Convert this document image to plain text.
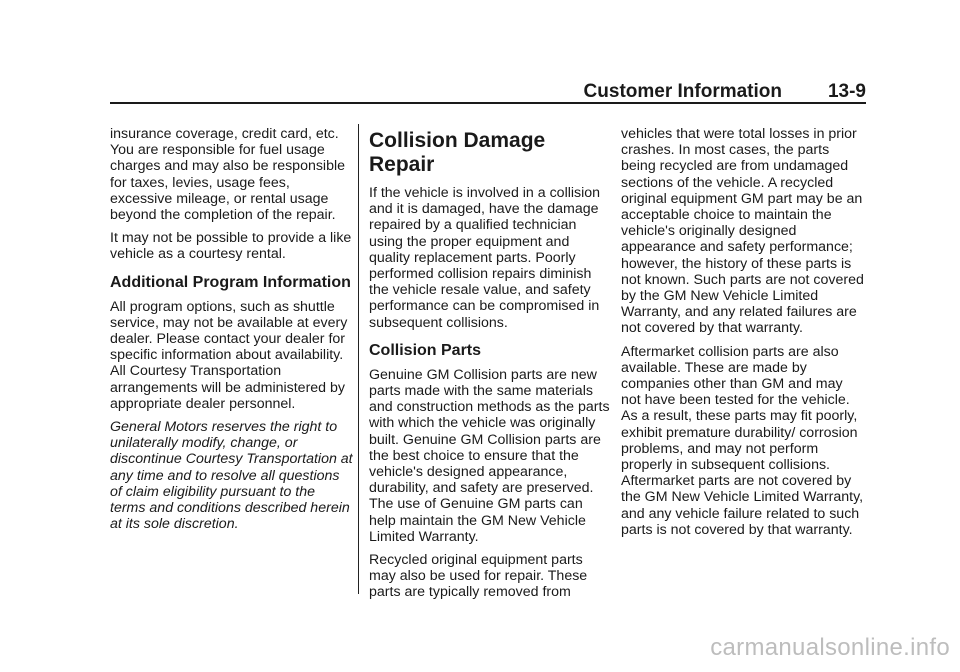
Customer Information 13-9

insurance coverage, credit card, etc. You are responsible for fuel usage charges and may also be responsible for taxes, levies, usage fees, excessive mileage, or rental usage beyond the completion of the repair.

It may not be possible to provide a like vehicle as a courtesy rental.

Additional Program Information

All program options, such as shuttle service, may not be available at every dealer. Please contact your dealer for specific information about availability. All Courtesy Transportation arrangements will be administered by appropriate dealer personnel.

General Motors reserves the right to unilaterally modify, change, or discontinue Courtesy Transportation at any time and to resolve all questions of claim eligibility pursuant to the terms and conditions described herein at its sole discretion.

Collision Damage Repair

If the vehicle is involved in a collision and it is damaged, have the damage repaired by a qualified technician using the proper equipment and quality replacement parts. Poorly performed collision repairs diminish the vehicle resale value, and safety performance can be compromised in subsequent collisions.

Collision Parts

Genuine GM Collision parts are new parts made with the same materials and construction methods as the parts with which the vehicle was originally built. Genuine GM Collision parts are the best choice to ensure that the vehicle's designed appearance, durability, and safety are preserved. The use of Genuine GM parts can help maintain the GM New Vehicle Limited Warranty.

Recycled original equipment parts may also be used for repair. These parts are typically removed from

vehicles that were total losses in prior crashes. In most cases, the parts being recycled are from undamaged sections of the vehicle. A recycled original equipment GM part may be an acceptable choice to maintain the vehicle's originally designed appearance and safety performance; however, the history of these parts is not known. Such parts are not covered by the GM New Vehicle Limited Warranty, and any related failures are not covered by that warranty.

Aftermarket collision parts are also available. These are made by companies other than GM and may not have been tested for the vehicle. As a result, these parts may fit poorly, exhibit premature durability/ corrosion problems, and may not perform properly in subsequent collisions. Aftermarket parts are not covered by the GM New Vehicle Limited Warranty, and any vehicle failure related to such parts is not covered by that warranty.

carmanualsonline.info
